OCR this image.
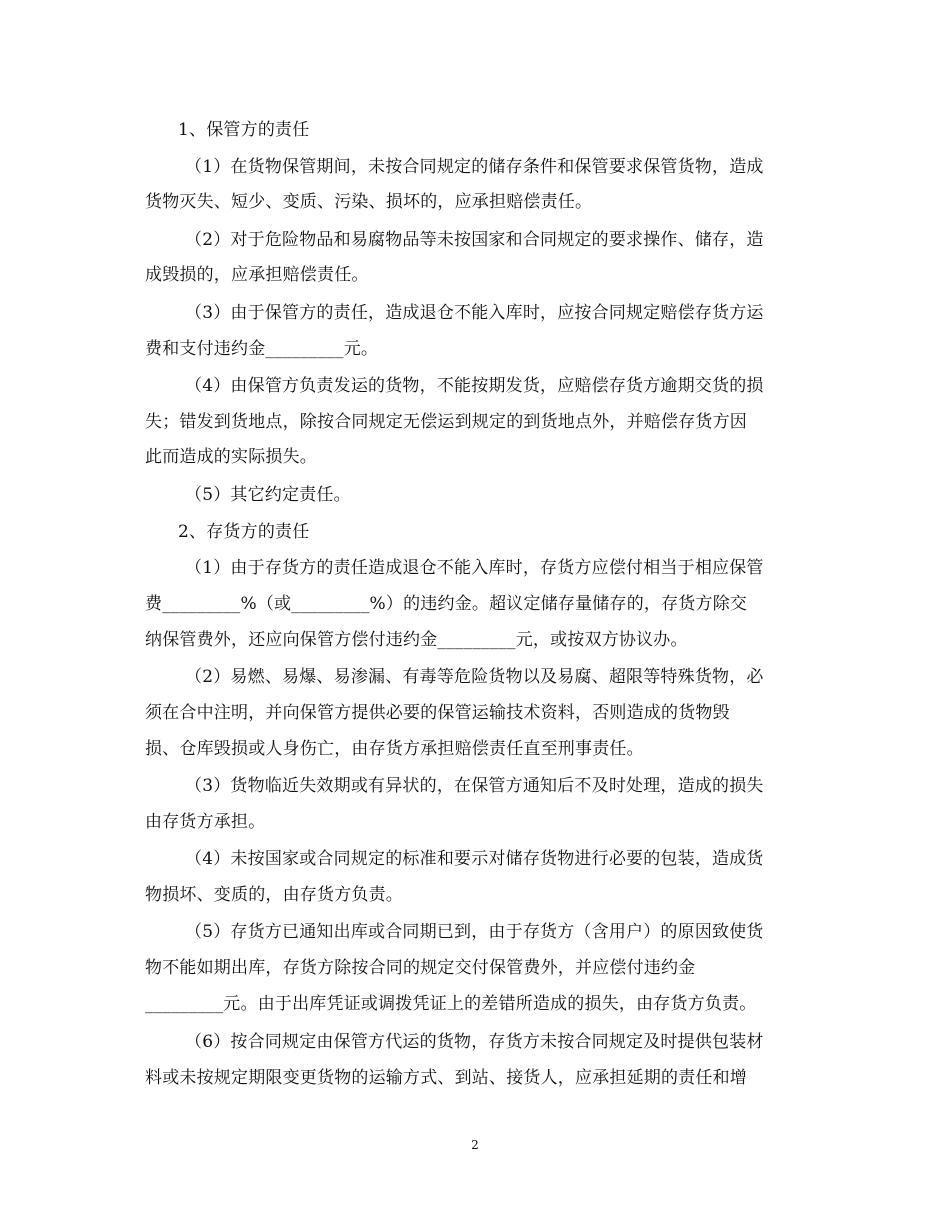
1、保管方的责任
（1）在货物保管期间，未按合同规定的储存条件和保管要求保管货物，造成
货物灭失、短少、变质、污染、损坏的，应承担赔偿责任。
（2）对于危险物品和易腐物品等未按国家和合同规定的要求操作、储存，造
成毁损的，应承担赔偿责任。
（3）由于保管方的责任，造成退仓不能入库时，应按合同规定赔偿存货方运
费和支付违约金_________元。
（4）由保管方负责发运的货物，不能按期发货，应赔偿存货方逾期交货的损
失；错发到货地点，除按合同规定无偿运到规定的到货地点外，并赔偿存货方因
此而造成的实际损失。
（5）其它约定责任。
2、存货方的责任
（1）由于存货方的责任造成退仓不能入库时，存货方应偿付相当于相应保管
费_________%（或_________%）的违约金。超议定储存量储存的，存货方除交
纳保管费外，还应向保管方偿付违约金_________元，或按双方协议办。
（2）易燃、易爆、易渗漏、有毒等危险货物以及易腐、超限等特殊货物，必
须在合中注明，并向保管方提供必要的保管运输技术资料，否则造成的货物毁
损、仓库毁损或人身伤亡，由存货方承担赔偿责任直至刑事责任。
（3）货物临近失效期或有异状的，在保管方通知后不及时处理，造成的损失
由存货方承担。
（4）未按国家或合同规定的标准和要示对储存货物进行必要的包装，造成货
物损坏、变质的，由存货方负责。
（5）存货方已通知出库或合同期已到，由于存货方（含用户）的原因致使货
物不能如期出库，存货方除按合同的规定交付保管费外，并应偿付违约金
_________元。由于出库凭证或调拨凭证上的差错所造成的损失，由存货方负责。
（6）按合同规定由保管方代运的货物，存货方未按合同规定及时提供包装材
料或未按规定期限变更货物的运输方式、到站、接货人，应承担延期的责任和增
2
